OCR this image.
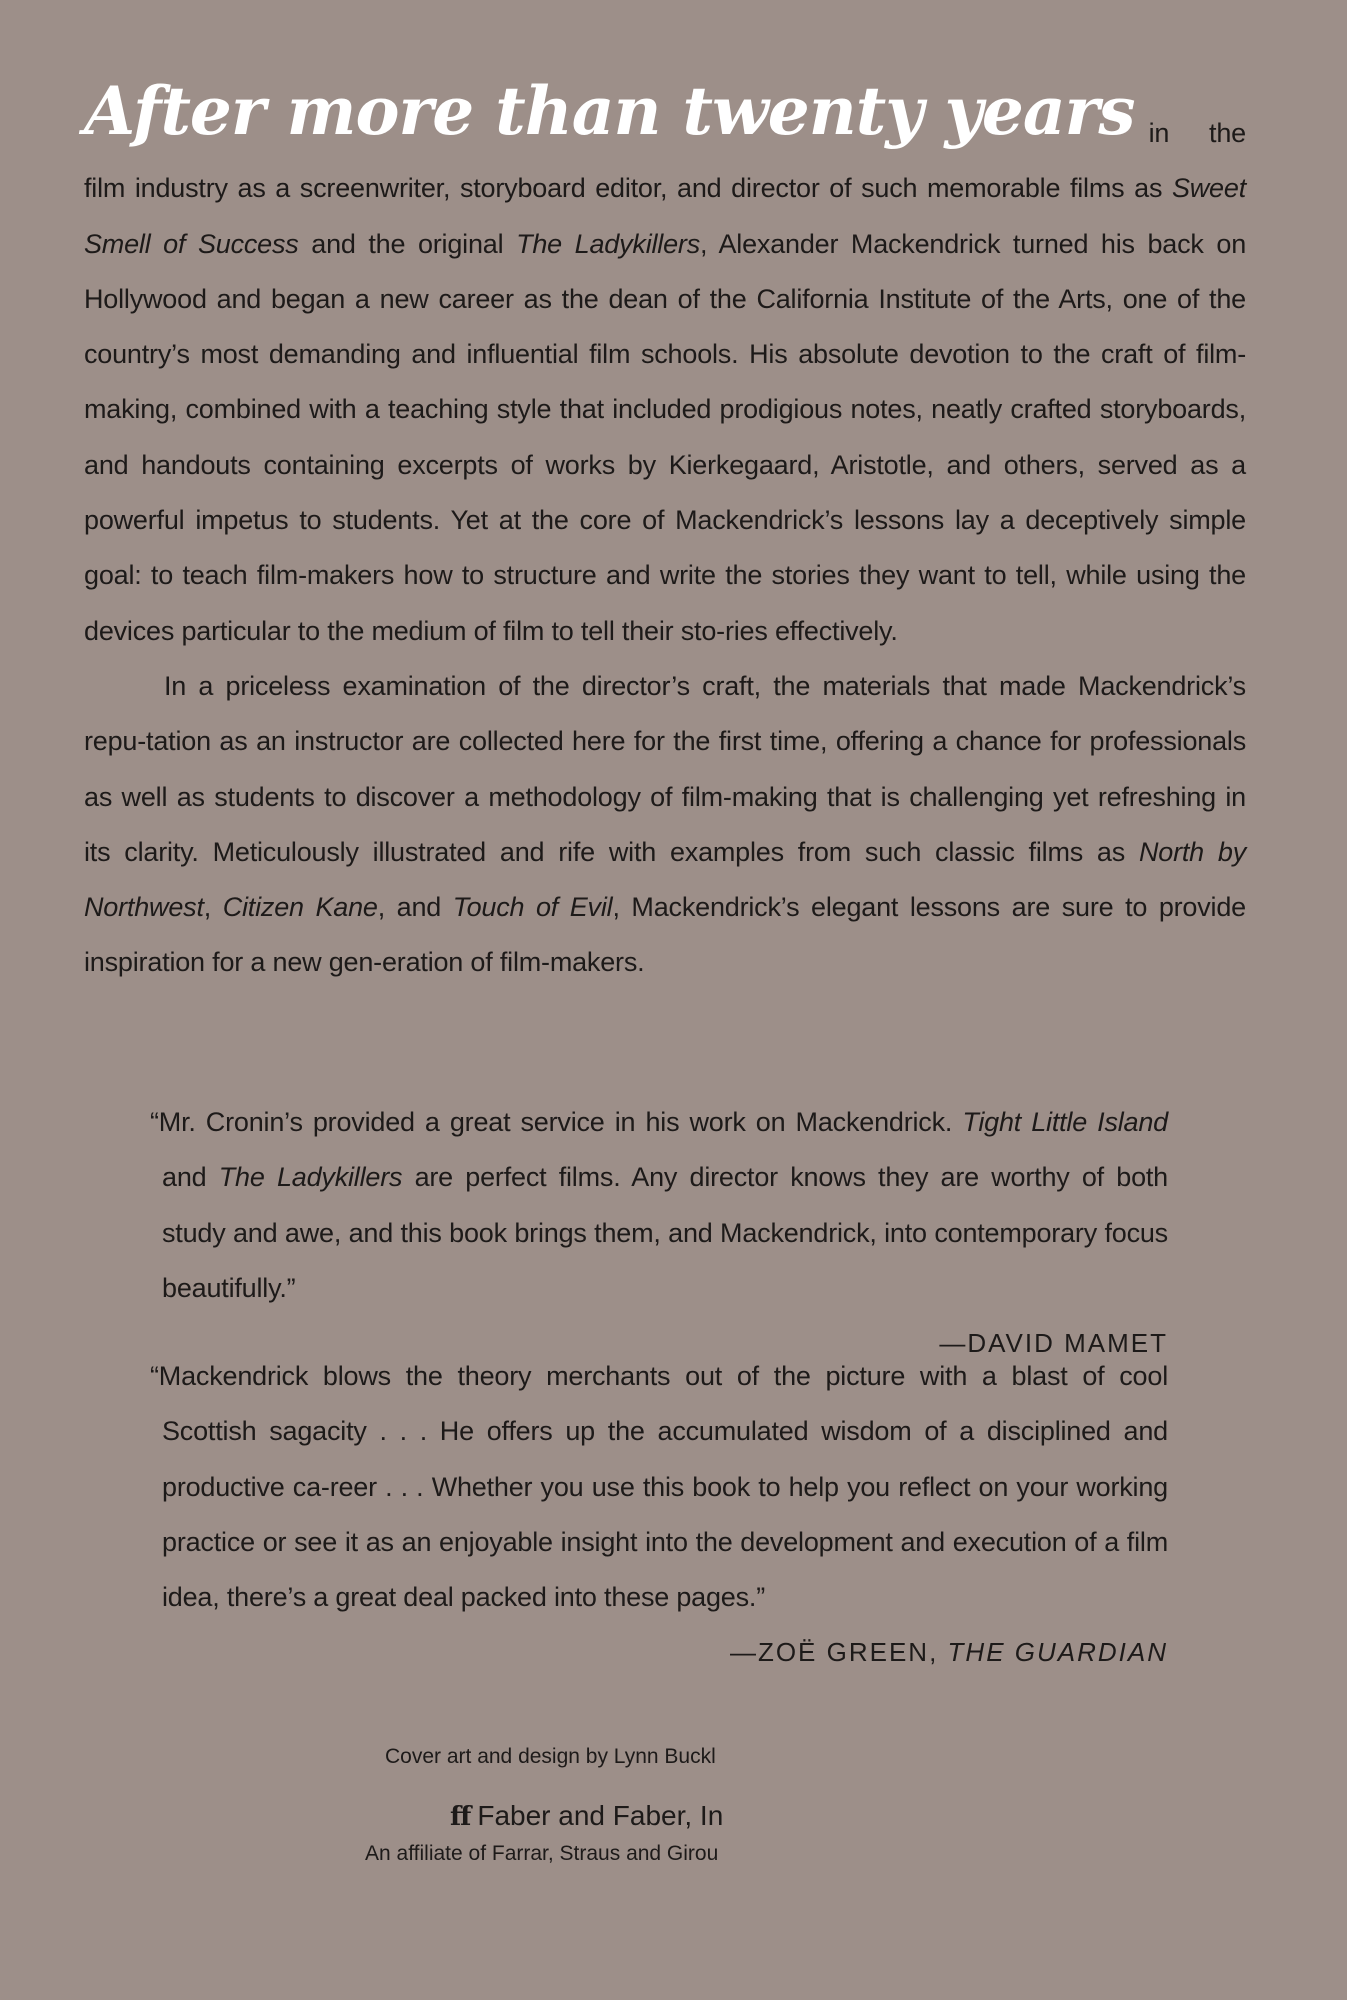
After more than twenty years in the film industry as a screenwriter, storyboard editor, and director of such memorable films as Sweet Smell of Success and the original The Ladykillers, Alexander Mackendrick turned his back on Hollywood and began a new career as the dean of the California Institute of the Arts, one of the country’s most demanding and influential film schools. His absolute devotion to the craft of film-making, combined with a teaching style that included prodigious notes, neatly crafted storyboards, and handouts containing excerpts of works by Kierkegaard, Aristotle, and others, served as a powerful impetus to students. Yet at the core of Mackendrick’s lessons lay a deceptively simple goal: to teach film-makers how to structure and write the stories they want to tell, while using the devices particular to the medium of film to tell their sto-ries effectively.

In a priceless examination of the director’s craft, the materials that made Mackendrick’s repu-tation as an instructor are collected here for the first time, offering a chance for professionals as well as students to discover a methodology of film-making that is challenging yet refreshing in its clarity. Meticulously illustrated and rife with examples from such classic films as North by Northwest, Citizen Kane, and Touch of Evil, Mackendrick’s elegant lessons are sure to provide inspiration for a new gen-eration of film-makers.

“Mr. Cronin’s provided a great service in his work on Mackendrick. Tight Little Island and The Ladykillers are perfect films. Any director knows they are worthy of both study and awe, and this book brings them, and Mackendrick, into contemporary focus beautifully.”

—DAVID MAMET

“Mackendrick blows the theory merchants out of the picture with a blast of cool Scottish sagacity . . . He offers up the accumulated wisdom of a disciplined and productive ca-reer . . . Whether you use this book to help you reflect on your working practice or see it as an enjoyable insight into the development and execution of a film idea, there’s a great deal packed into these pages.”
—ZOË GREEN, THE GUARDIAN

Cover art and design by Lynn Buckl
ﬀ Faber and Faber, In
An affiliate of Farrar, Straus and Girou
